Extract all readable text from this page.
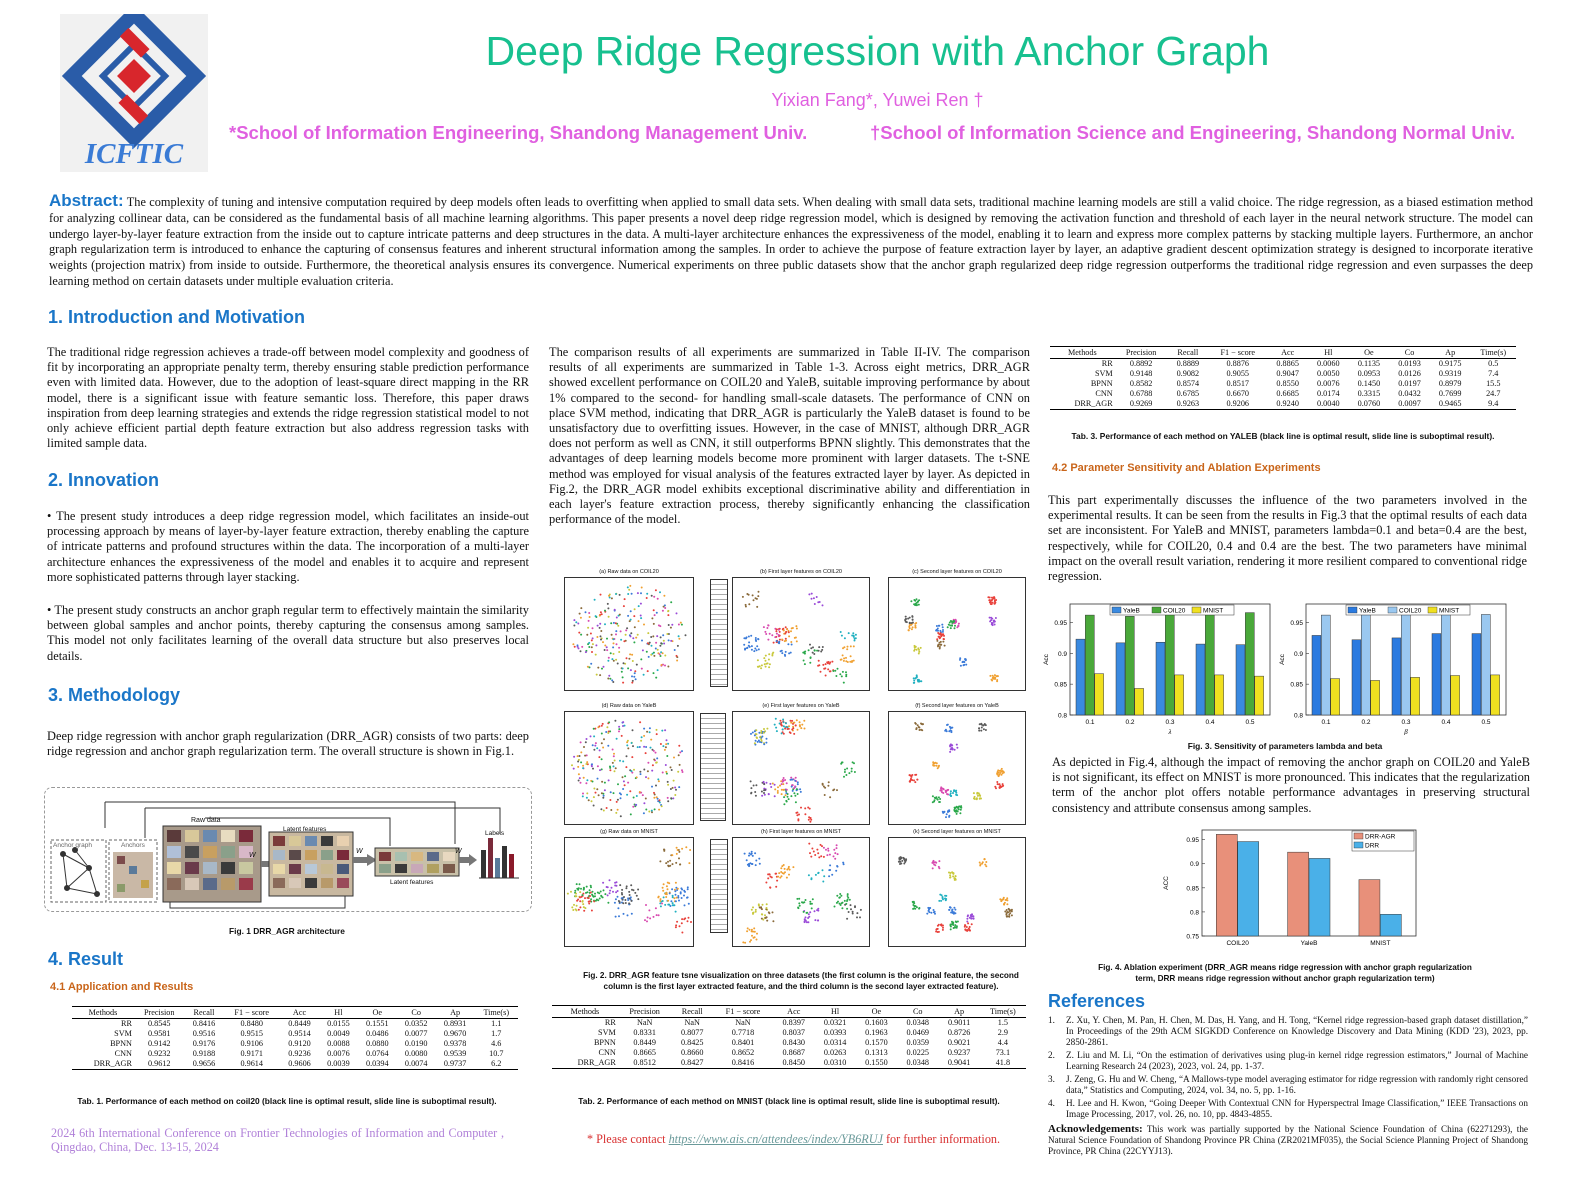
ICFTIC
Deep Ridge Regression with Anchor Graph
Yixian Fang*, Yuwei Ren †
*School of Information Engineering, Shandong Management Univ.	†School of Information Science and Engineering, Shandong Normal Univ.
Abstract: The complexity of tuning and intensive computation required by deep models often leads to overfitting when applied to small data sets. When dealing with small data sets, traditional machine learning models are still a valid choice. The ridge regression, as a biased estimation method for analyzing collinear data, can be considered as the fundamental basis of all machine learning algorithms. This paper presents a novel deep ridge regression model, which is designed by removing the activation function and threshold of each layer in the neural network structure. The model can undergo layer-by-layer feature extraction from the inside out to capture intricate patterns and deep structures in the data. A multi-layer architecture enhances the expressiveness of the model, enabling it to learn and express more complex patterns by stacking multiple layers. Furthermore, an anchor graph regularization term is introduced to enhance the capturing of consensus features and inherent structural information among the samples. In order to achieve the purpose of feature extraction layer by layer, an adaptive gradient descent optimization strategy is designed to incorporate iterative weights (projection matrix) from inside to outside. Furthermore, the theoretical analysis ensures its convergence. Numerical experiments on three public datasets show that the anchor graph regularized deep ridge regression outperforms the traditional ridge regression and even surpasses the deep learning method on certain datasets under multiple evaluation criteria.
1. Introduction and Motivation

The traditional ridge regression achieves a trade-off between model complexity and goodness of fit by incorporating an appropriate penalty term, thereby ensuring stable prediction performance even with limited data. However, due to the adoption of least-square direct mapping in the RR model, there is a significant issue with feature semantic loss. Therefore, this paper draws inspiration from deep learning strategies and extends the ridge regression statistical model to not only achieve efficient partial depth feature extraction but also address regression tasks with limited sample data.

2. Innovation

• The present study introduces a deep ridge regression model, which facilitates an inside-out processing approach by means of layer-by-layer feature extraction, thereby enabling the capture of intricate patterns and profound structures within the data. The incorporation of a multi-layer architecture enhances the expressiveness of the model and enables it to acquire and represent more sophisticated patterns through layer stacking.

• The present study constructs an anchor graph regular term to effectively maintain the similarity between global samples and anchor points, thereby capturing the consensus among samples. This model not only facilitates learning of the overall data structure but also preserves local details.

3. Methodology

Deep ridge regression with anchor graph regularization (DRR_AGR) consists of two parts: deep ridge regression and anchor graph regularization term. The overall structure is shown in Fig.1.

Raw data
Anchor graph	Anchors
Latent features
Latent features
Labels
W
W	W
Fig. 1 DRR_AGR architecture
4. Result
4.1 Application and Results
Methods	Precision	Recall	F1 − score	Acc	Hl	Oe	Co	Ap	Time(s)
RR	0.8545	0.8416	0.8480	0.8449	0.0155	0.1551	0.0352	0.8931	1.1
SVM	0.9581	0.9516	0.9515	0.9514	0.0049	0.0486	0.0077	0.9670	1.7
BPNN	0.9142	0.9176	0.9106	0.9120	0.0088	0.0880	0.0190	0.9378	4.6
CNN	0.9232	0.9188	0.9171	0.9236	0.0076	0.0764	0.0080	0.9539	10.7
DRR_AGR	0.9612	0.9656	0.9614	0.9606	0.0039	0.0394	0.0074	0.9737	6.2
Tab. 1. Performance of each method on coil20 (black line is optimal result, slide line is suboptimal result).
2024 6th International Conference on Frontier Technologies of Information and Computer , Qingdao, China, Dec. 13-15, 2024

The comparison results of all experiments are summarized in Table II-IV. The comparison results of all experiments are summarized in Table 1-3. Across eight metrics, DRR_AGR showed excellent performance on COIL20 and YaleB, suitable improving performance by about 1% compared to the second- for handling small-scale datasets. The performance of CNN on place SVM method, indicating that DRR_AGR is particularly the YaleB dataset is found to be unsatisfactory due to overfitting issues. However, in the case of MNIST, although DRR_AGR does not perform as well as CNN, it still outperforms BPNN slightly. This demonstrates that the advantages of deep learning models become more prominent with larger datasets. The t-SNE method was employed for visual analysis of the features extracted layer by layer. As depicted in Fig.2, the DRR_AGR model exhibits exceptional discriminative ability and differentiation in each layer's feature extraction process, thereby significantly enhancing the classification performance of the model.

(a) Raw data on COIL20	(b) First layer features on COIL20	(c) Second layer features on COIL20
(d) Raw data on YaleB	(e) First layer features on YaleB	(f) Second layer features on YaleB
(g) Raw data on MNIST	(h) First layer features on MNIST	(k) Second layer features on MNIST
Fig. 2. DRR_AGR feature tsne visualization on three datasets (the first column is the original feature, the second column is the first layer extracted feature, and the third column is the second layer extracted feature).
Methods	Precision	Recall	F1 − score	Acc	Hl	Oe	Co	Ap	Time(s)
RR	NaN	NaN	NaN	0.8397	0.0321	0.1603	0.0348	0.9011	1.5
SVM	0.8331	0.8077	0.7718	0.8037	0.0393	0.1963	0.0469	0.8726	2.9
BPNN	0.8449	0.8425	0.8401	0.8430	0.0314	0.1570	0.0359	0.9021	4.4
CNN	0.8665	0.8660	0.8652	0.8687	0.0263	0.1313	0.0225	0.9237	73.1
DRR_AGR	0.8512	0.8427	0.8416	0.8450	0.0310	0.1550	0.0348	0.9041	41.8
Tab. 2. Performance of each method on MNIST (black line is optimal result, slide line is suboptimal result).
* Please contact https://www.ais.cn/attendees/index/YB6RUJ for further information.
Methods	Precision	Recall	F1 − score	Acc	Hl	Oe	Co	Ap	Time(s)
RR	0.8892	0.8889	0.8876	0.8865	0.0060	0.1135	0.0193	0.9175	0.5
SVM	0.9148	0.9082	0.9055	0.9047	0.0050	0.0953	0.0126	0.9319	7.4
BPNN	0.8582	0.8574	0.8517	0.8550	0.0076	0.1450	0.0197	0.8979	15.5
CNN	0.6788	0.6785	0.6670	0.6685	0.0174	0.3315	0.0432	0.7699	24.7
DRR_AGR	0.9269	0.9263	0.9206	0.9240	0.0040	0.0760	0.0097	0.9465	9.4
Tab. 3. Performance of each method on YALEB (black line is optimal result, slide line is suboptimal result).
4.2 Parameter Sensitivity and Ablation Experiments

This part experimentally discusses the influence of the two parameters involved in the experimental results. It can be seen from the results in Fig.3 that the optimal results of each data set are inconsistent. For YaleB and MNIST, parameters lambda=0.1 and beta=0.4 are the best, respectively, while for COIL20, 0.4 and 0.4 are the best. The two parameters have minimal impact on the overall result variation, rendering it more resilient compared to conventional ridge regression.

0.8
0.85
0.9
0.95
0.1	0.2	0.3	0.4	0.5
YaleB	COIL20	MNIST
Acc
λ
0.8
0.85
0.9
0.95
0.1	0.2	0.3	0.4	0.5
YaleB	COIL20	MNIST
Acc
β
Fig. 3. Sensitivity of parameters lambda and beta

As depicted in Fig.4, although the impact of removing the anchor graph on COIL20 and YaleB is not significant, its effect on MNIST is more pronounced. This indicates that the regularization term of the anchor plot offers notable performance advantages in preserving structural consistency and attribute consensus among samples.

0.75
0.8
0.85
0.9
0.95
COIL20	YaleB	MNIST
DRR-AGR
DRR
ACC
Fig. 4. Ablation experiment (DRR_AGR means ridge regression with anchor graph regularization term, DRR means ridge regression without anchor graph regularization term)
References
1.	Z. Xu, Y. Chen, M. Pan, H. Chen, M. Das, H. Yang, and H. Tong, “Kernel ridge regression-based graph dataset distillation,” In Proceedings of the 29th ACM SIGKDD Conference on Knowledge Discovery and Data Mining (KDD '23), 2023, pp. 2850-2861.
2.	Z. Liu and M. Li, “On the estimation of derivatives using plug-in kernel ridge regression estimators,” Journal of Machine Learning Research 24 (2023), 2023, vol. 24, pp. 1-37.
3.	J. Zeng, G. Hu and W. Cheng, “A Mallows-type model averaging estimator for ridge regression with randomly right censored data,” Statistics and Computing, 2024, vol. 34, no. 5, pp. 1-16.
4.	H. Lee and H. Kwon, “Going Deeper With Contextual CNN for Hyperspectral Image Classification,” IEEE Transactions on Image Processing, 2017, vol. 26, no. 10, pp. 4843-4855.
Acknowledgements: This work was partially supported by the National Science Foundation of China (62271293), the Natural Science Foundation of Shandong Province PR China (ZR2021MF035), the Social Science Planning Project of Shandong Province, PR China (22CYYJ13).
